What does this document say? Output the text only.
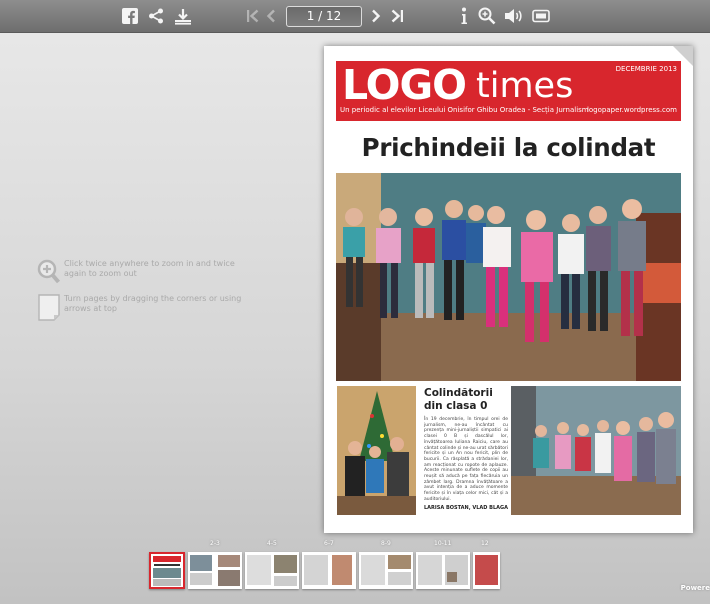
1 / 12
Click twice anywhere to zoom in and twice again to zoom out
Turn pages by dragging the corners or using arrows at top
LOGO times	DECEMBRIE 2013
Un periodic al elevilor Liceului Onisifor Ghibu Oradea - Secția Jurnalism
logopaper.wordpress.com
Prichindeii la colindat
Colindătorii din clasa 0
În 19 decembrie, în timpul orei de jurnalism, ne-au încântat cu prezența mini-jurnaliștii simpatici ai clasei 0 B și dascălul lor, învățătoarea Iuliana Raiciu, care au cântat colinde și ne-au urat sărbători fericite și un An nou fericit, plin de bucurii. Ca răsplată a strădaniei lor, am reacționat cu ropote de aplauze. Aceste minunate suflete de copii au reușit să aducă pe fața fiecăruia un zâmbet larg. Dramna învățătoare a avut intenția de a aduce momente fericite și în viața celor mici, cât și a auditoriului.
LARISA BOSTAN, VLAD BLAGA
2-3	4-5	6-7	8-9	10-11	12
Powere
